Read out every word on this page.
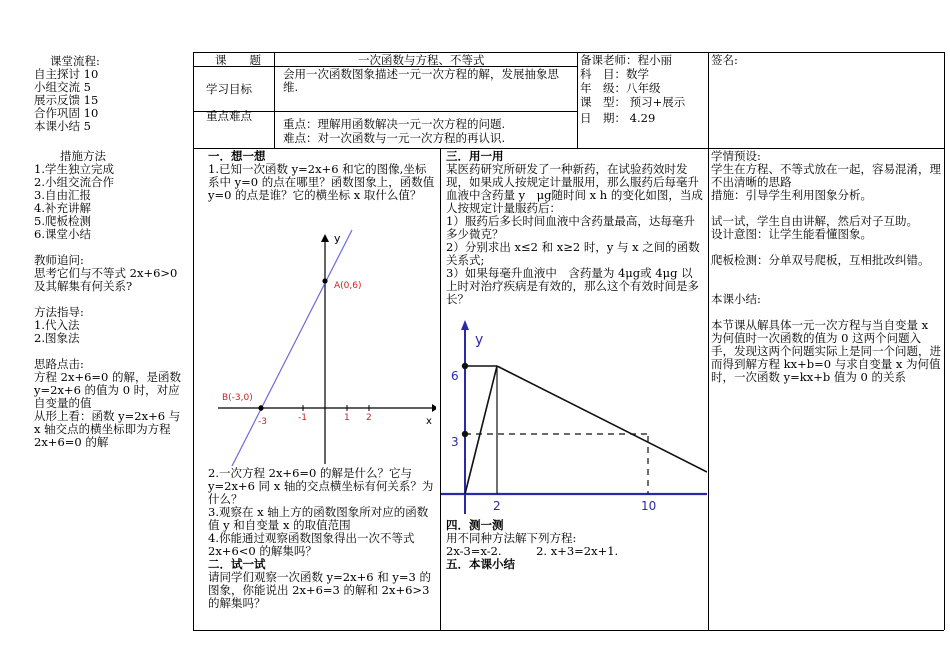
课堂流程:
自主探讨 10
小组交流 5
展示反馈 15
合作巩固 10
本课小结 5
课　　题	一次函数与方程、不等式
学习目标
会用一次函数图象描述一元一次方程的解，发展抽象思维.
重点难点
重点：理解用函数解决一元一次方程的问题.
难点：对一次函数与一元一次方程的再认识.
备课老师：程小丽
科　目：数学
年　级：八年级
课　型： 预习+展示
日　期： 4.29
签名:
措施方法
1.学生独立完成
2.小组交流合作
3.自由汇报
4.补充讲解
5.爬板检测
6.课堂小结
教师追问:
思考它们与不等式 2x+6>0 及其解集有何关系?
方法指导:
1.代入法
2.图象法
思路点击:
方程 2x+6=0 的解，是函数 y=2x+6 的值为 0 时，对应自变量的值
从形上看：函数 y=2x+6 与 x 轴交点的横坐标即为方程 2x+6=0 的解
一．想一想
1.已知一次函数 y=2x+6 和它的图像,坐标系中 y=0 的点在哪里？函数图象上，函数值 y=0 的点是谁？它的横坐标 x 取什么值？
y
x
A(0,6)
B(-3,0)
-3	-1	1 2
2.一次方程 2x+6=0 的解是什么？它与 y=2x+6 同 x 轴的交点横坐标有何关系？为什么？
3.观察在 x 轴上方的函数图象所对应的函数值 y 和自变量 x 的取值范围
4.你能通过观察函数图象得出一次不等式 2x+6<0 的解集吗？
二．试一试
请同学们观察一次函数 y=2x+6 和 y=3 的图象，你能说出 2x+6=3 的解和 2x+6>3 的解集吗？
三．用一用
某医药研究所研发了一种新药，在试验药效时发现，如果成人按规定计量服用，那么服药后每毫升血液中含药量 y　μg随时间 x h 的变化如图，当成人按规定计量服药后：
1）服药后多长时间血液中含药量最高，达每毫升多少微克？
2）分别求出 x≤2 和 x≥2 时，y 与 x 之间的函数关系式;
3）如果每毫升血液中　含药量为 4μg或 4μg 以上时对治疗疾病是有效的，那么这个有效时间是多长？
y
6
3
2	10
四．测一测
用不同种方法解下列方程:
2x-3=x-2.　　　2. x+3=2x+1.
五．本课小结
学情预设:
学生在方程、不等式放在一起，容易混淆，理不出清晰的思路
措施：引导学生利用图象分析。
试一试，学生自由讲解，然后对子互助。
设计意图：让学生能看懂图象。
爬板检测：分单双号爬板，互相批改纠错。
本课小结:
本节课从解具体一元一次方程与当自变量 x 为何值时一次函数的值为 0 这两个问题入手，发现这两个问题实际上是同一个问题，进而得到解方程 kx+b=0 与求自变量 x 为何值时，一次函数 y=kx+b 值为 0 的关系
